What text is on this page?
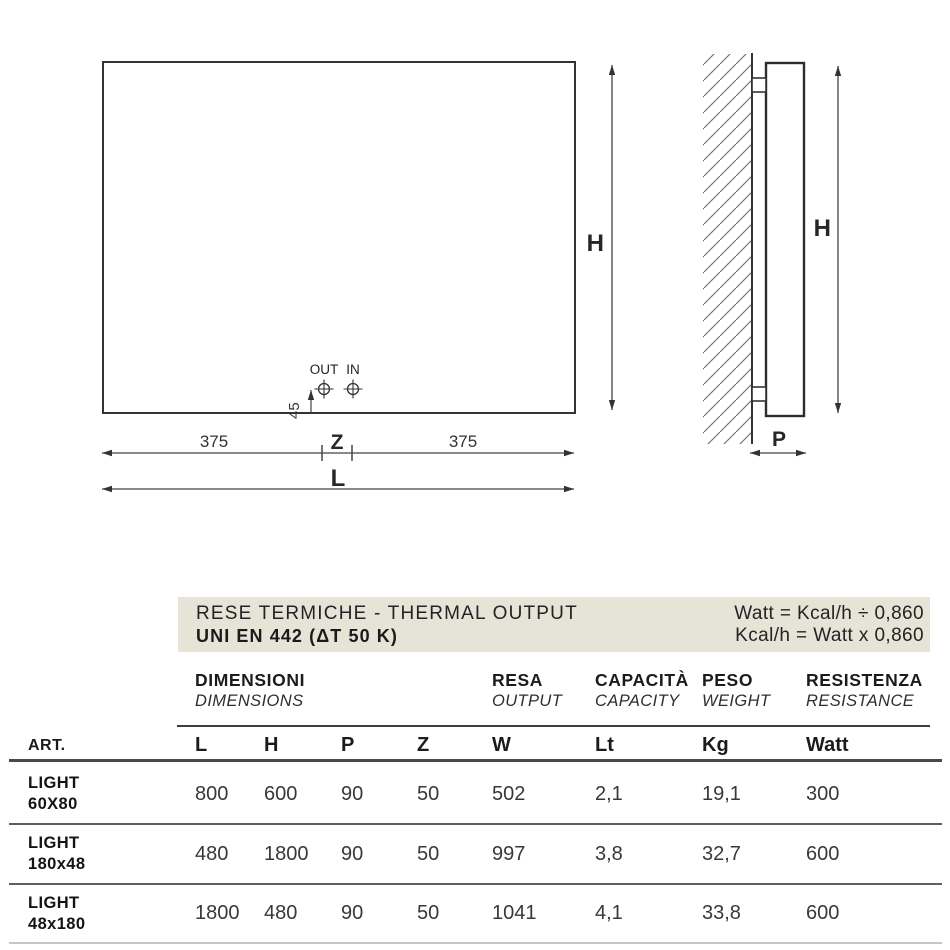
H
OUT IN
45
375	Z	375
L
H
P
RESE TERMICHE - THERMAL OUTPUT
UNI EN 442 (ΔT 50 K)
Watt = Kcal/h ÷ 0,860
Kcal/h = Watt x 0,860
DIMENSIONI
DIMENSIONS
RESA
OUTPUT
CAPACITÀ
CAPACITY
PESO
WEIGHT
RESISTENZA
RESISTANCE
ART.	L	H	P	Z	W	Lt	Kg	Watt
LIGHT
60X80	800	600	90	50	502	2,1	19,1	300
LIGHT
180x48	480	1800	90	50	997	3,8	32,7	600
LIGHT
48x180	1800	480	90	50	1041	4,1	33,8	600
